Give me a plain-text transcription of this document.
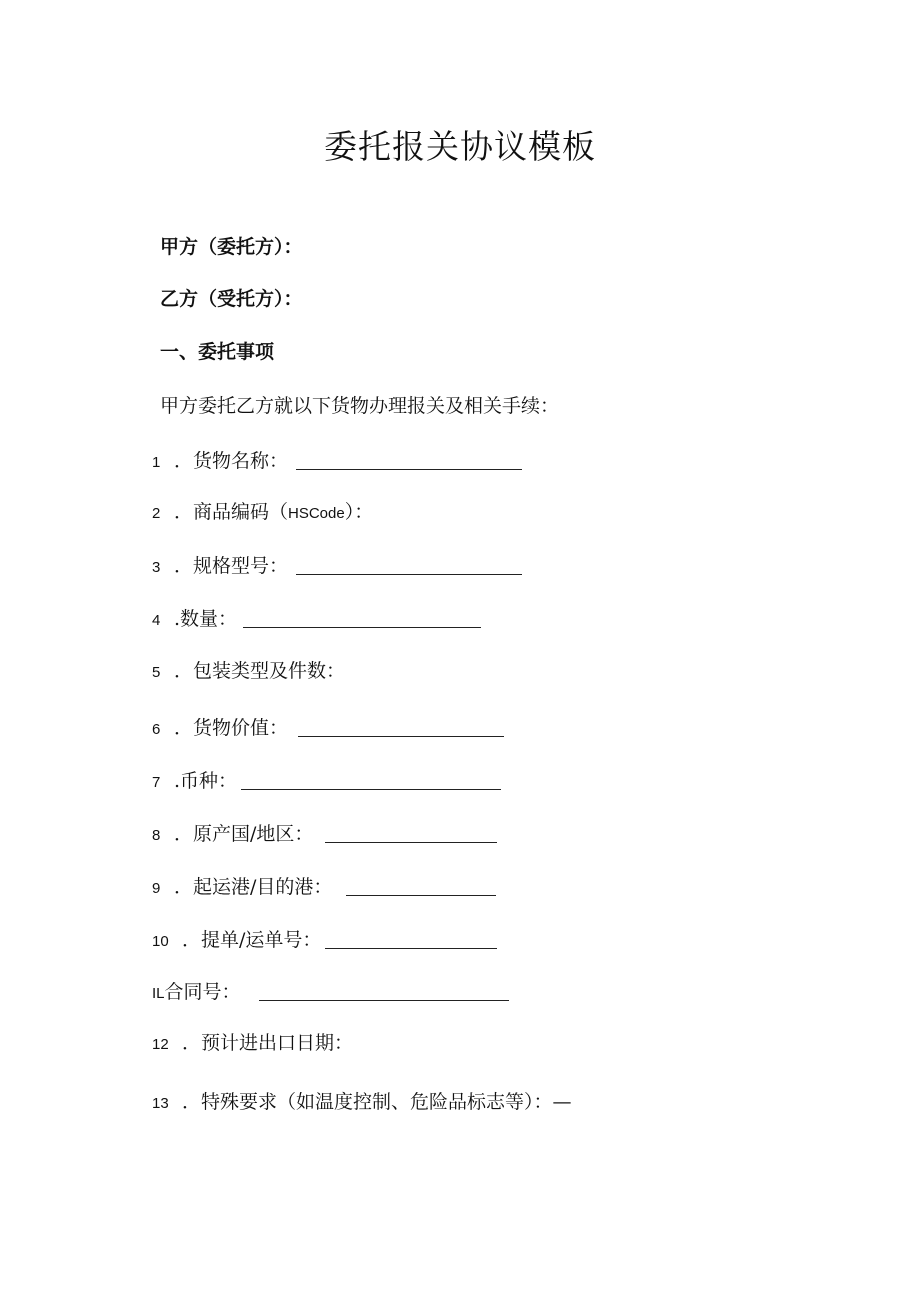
委托报关协议模板
甲方（委托方）：
乙方（受托方）：
一、委托事项
甲方委托乙方就以下货物办理报关及相关手续：
1 ．货物名称：
2 ．商品编码（ HSCode ）：
3 ．规格型号：
4 .数量：
5 ．包装类型及件数：
6 ．货物价值：
7 .币种：
8 ．原产国/地区：
9 ．起运港/目的港：
10 ．提单/运单号：
IL 合同号：
12 ．预计进出口日期：
13 ．特殊要求（如温度控制、危险品标志等）：—
